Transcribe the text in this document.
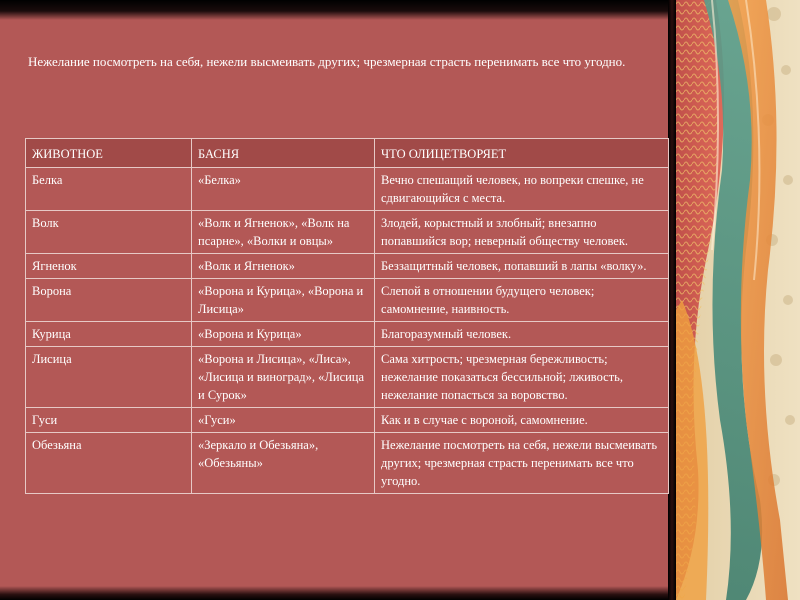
Нежелание посмотреть на себя, нежели высмеивать других; чрезмерная страсть перенимать все что угодно.
ЖИВОТНОЕ	БАСНЯ	ЧТО ОЛИЦЕТВОРЯЕТ
Белка	«Белка»	Вечно спешащий человек, но вопреки спешке, не сдвигающийся с места.
Волк	«Волк и Ягненок», «Волк на псарне», «Волки и овцы»	Злодей, корыстный и злобный; внезапно попавшийся вор; неверный обществу человек.
Ягненок	«Волк и Ягненок»	Беззащитный человек, попавший в лапы «волку».
Ворона	«Ворона и Курица», «Ворона и Лисица»	Слепой в отношении будущего человек; самомнение, наивность.
Курица	«Ворона и Курица»	Благоразумный человек.
Лисица	«Ворона и Лисица», «Лиса», «Лисица и виноград», «Лисица и Сурок»	Сама хитрость; чрезмерная бережливость; нежелание показаться бессильной; лживость, нежелание попасться за воровство.
Гуси	«Гуси»	Как и в случае с вороной, самомнение.
Обезьяна	«Зеркало и Обезьяна», «Обезьяны»	Нежелание посмотреть на себя, нежели высмеивать других; чрезмерная страсть перенимать все что угодно.
